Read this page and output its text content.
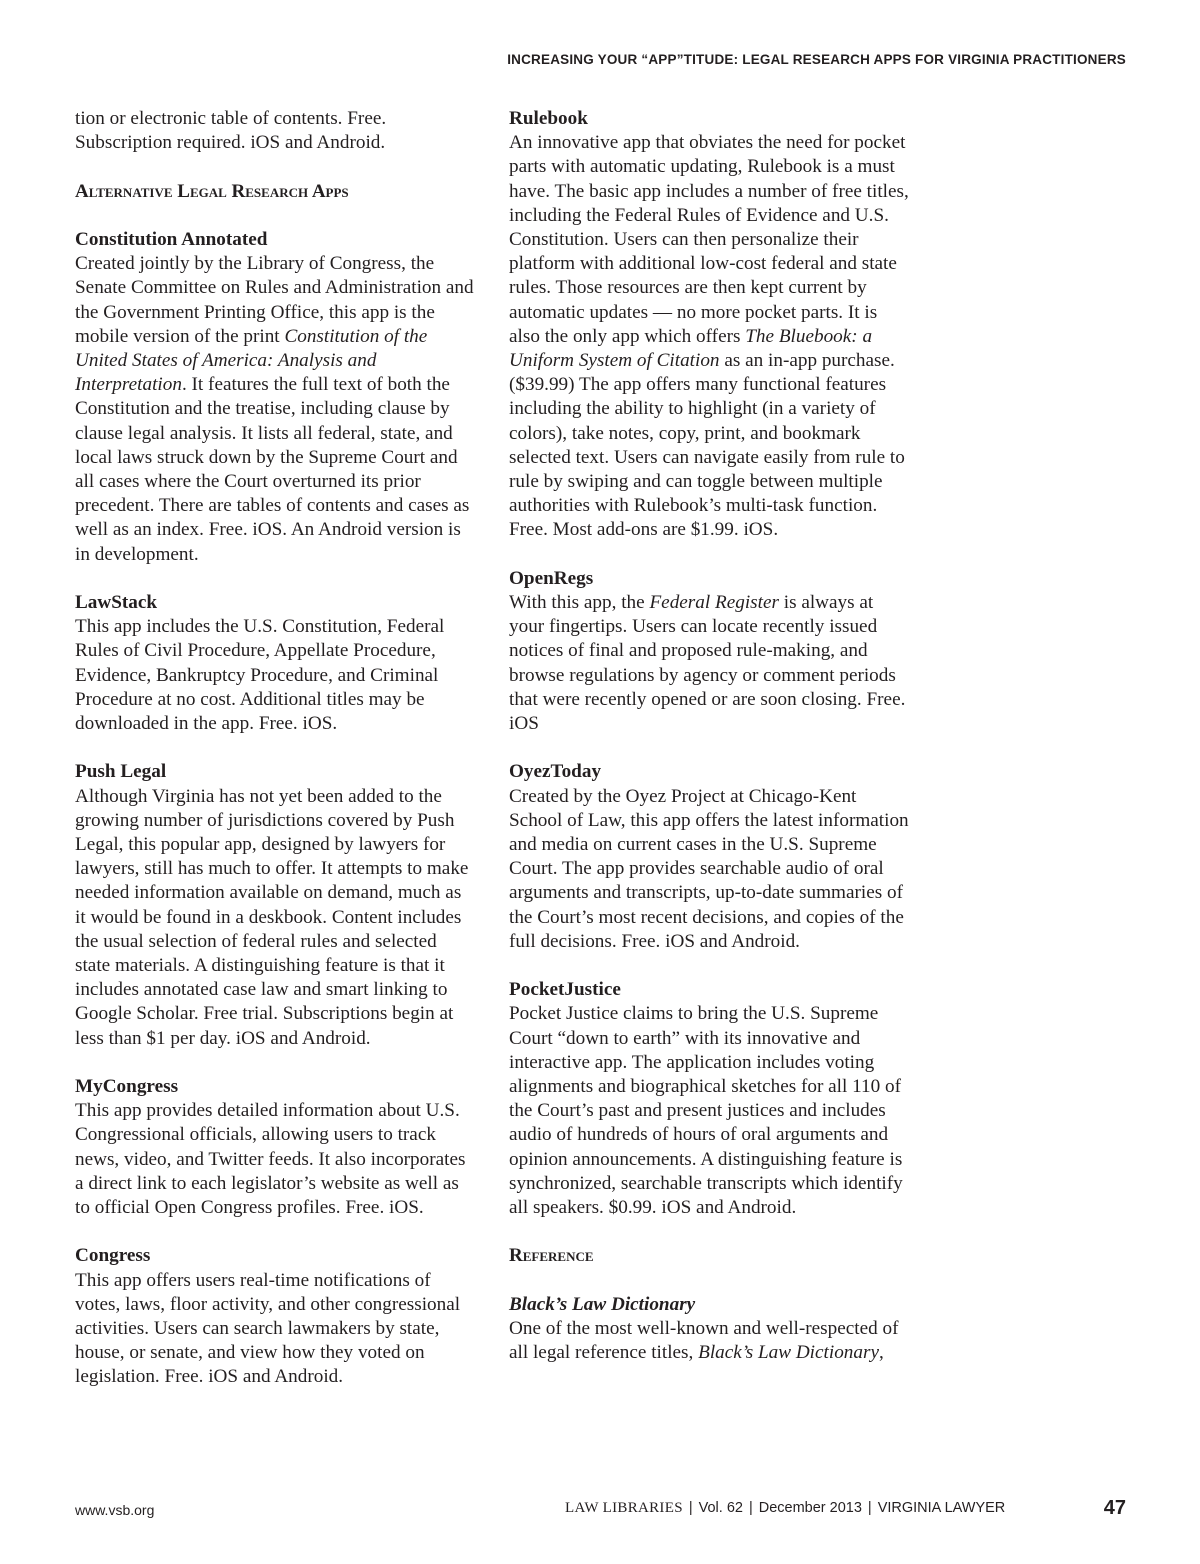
INCREASING YOUR “APP”TITUDE: LEGAL RESEARCH APPS FOR VIRGINIA PRACTITIONERS

tion or electronic table of contents. Free. Subscription required. iOS and Android.

Alternative Legal Research Apps
Constitution Annotated

Created jointly by the Library of Congress, the Senate Committee on Rules and Administration and the Government Printing Office, this app is the mobile version of the print Constitution of the United States of America: Analysis and Interpretation. It features the full text of both the Constitution and the treatise, including clause by clause legal analysis. It lists all federal, state, and local laws struck down by the Supreme Court and all cases where the Court overturned its prior precedent. There are tables of contents and cases as well as an index. Free. iOS. An Android version is in development.

LawStack

This app includes the U.S. Constitution, Federal Rules of Civil Procedure, Appellate Procedure, Evidence, Bankruptcy Procedure, and Criminal Procedure at no cost. Additional titles may be downloaded in the app. Free. iOS.

Push Legal

Although Virginia has not yet been added to the growing number of jurisdictions covered by Push Legal, this popular app, designed by lawyers for lawyers, still has much to offer. It attempts to make needed information available on demand, much as it would be found in a deskbook. Content includes the usual selection of federal rules and selected state materials. A distinguishing feature is that it includes annotated case law and smart linking to Google Scholar. Free trial. Subscriptions begin at less than $1 per day. iOS and Android.

MyCongress

This app provides detailed information about U.S. Congressional officials, allowing users to track news, video, and Twitter feeds. It also incorporates a direct link to each legislator’s website as well as to official Open Congress profiles. Free. iOS.

Congress

This app offers users real-time notifications of votes, laws, floor activity, and other congressional activities. Users can search lawmakers by state, house, or senate, and view how they voted on legislation. Free. iOS and Android.

Rulebook

An innovative app that obviates the need for pocket parts with automatic updating, Rulebook is a must have. The basic app includes a number of free titles, including the Federal Rules of Evidence and U.S. Constitution. Users can then personalize their platform with additional low-cost federal and state rules. Those resources are then kept current by automatic updates — no more pocket parts. It is also the only app which offers The Bluebook: a Uniform System of Citation as an in-app purchase. ($39.99) The app offers many functional features including the ability to highlight (in a variety of colors), take notes, copy, print, and bookmark selected text. Users can navigate easily from rule to rule by swiping and can toggle between multiple authorities with Rulebook’s multi-task function. Free. Most add-ons are $1.99. iOS.

OpenRegs

With this app, the Federal Register is always at your fingertips. Users can locate recently issued notices of final and proposed rule-making, and browse regulations by agency or comment periods that were recently opened or are soon closing. Free. iOS

OyezToday

Created by the Oyez Project at Chicago-Kent School of Law, this app offers the latest information and media on current cases in the U.S. Supreme Court. The app provides searchable audio of oral arguments and transcripts, up-to-date summaries of the Court’s most recent decisions, and copies of the full decisions. Free. iOS and Android.

PocketJustice

Pocket Justice claims to bring the U.S. Supreme Court “down to earth” with its innovative and interactive app. The application includes voting alignments and biographical sketches for all 110 of the Court’s past and present justices and includes audio of hundreds of hours of oral arguments and opinion announcements. A distinguishing feature is synchronized, searchable transcripts which identify all speakers. $0.99. iOS and Android.

Reference
Black’s Law Dictionary

One of the most well-known and well-respected of all legal reference titles, Black’s Law Dictionary,

www.vsb.org	LAW LIBRARIES | Vol. 62 | December 2013 | VIRGINIA LAWYER	47
